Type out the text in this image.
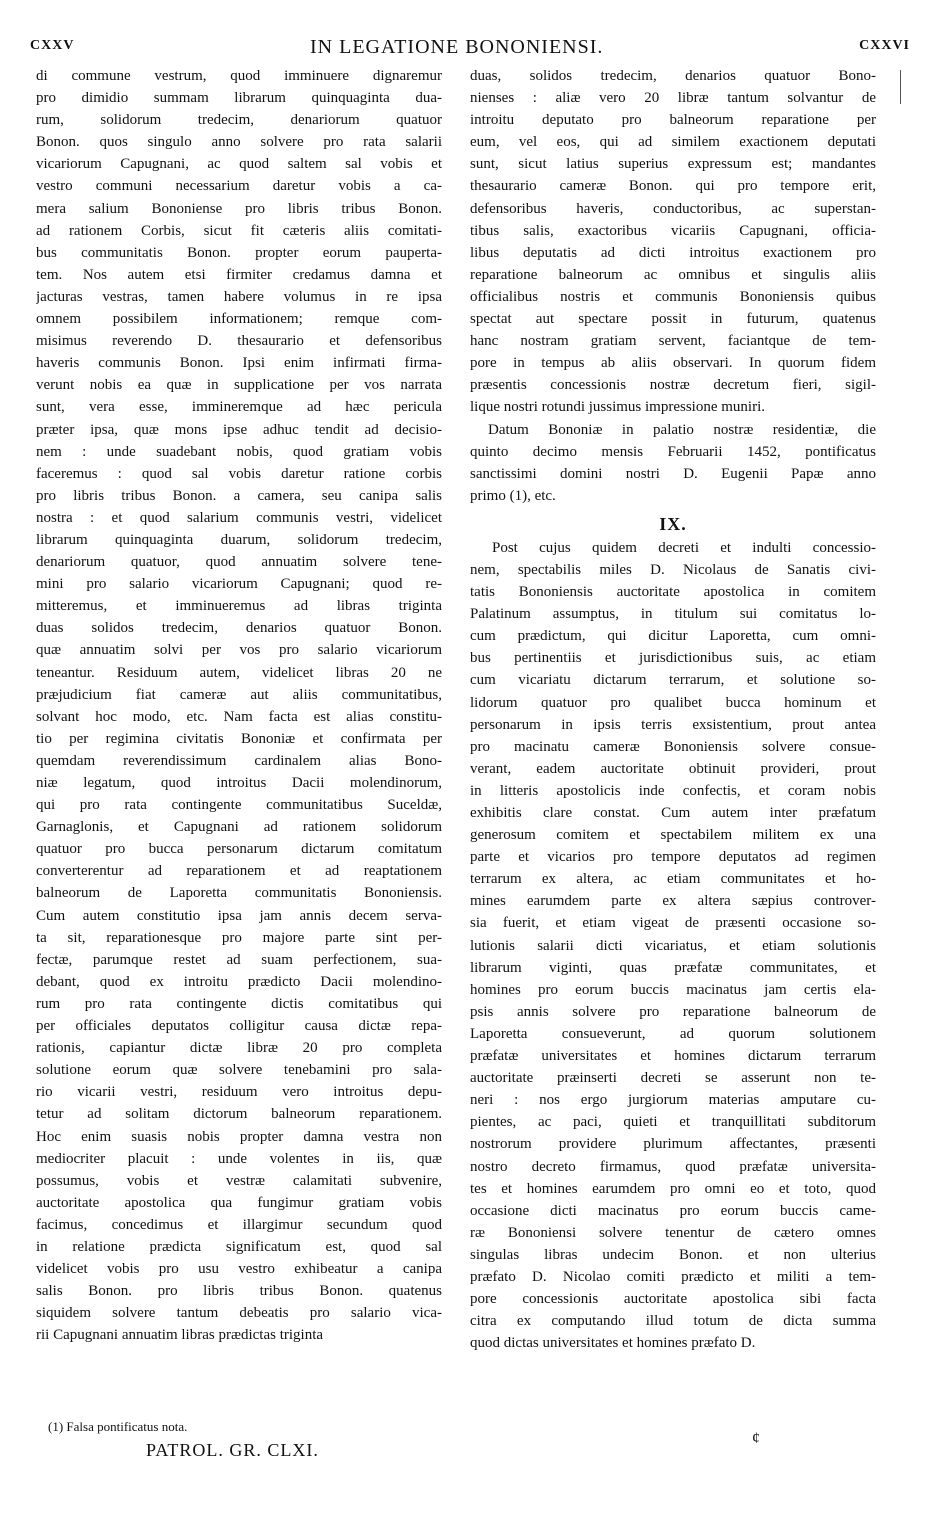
CXXV	IN LEGATIONE BONONIENSI.	CXXVI
di commune vestrum, quod imminuere dignaremur
pro dimidio summam librarum quinquaginta dua-
rum, solidorum tredecim, denariorum quatuor
Bonon. quos singulo anno solvere pro rata salarii
vicariorum Capugnani, ac quod saltem sal vobis et
vestro communi necessarium daretur vobis a ca-
mera salium Bononiense pro libris tribus Bonon.
ad rationem Corbis, sicut fit cæteris aliis comitati-
bus communitatis Bonon. propter eorum pauperta-
tem. Nos autem etsi firmiter credamus damna et
jacturas vestras, tamen habere volumus in re ipsa
omnem possibilem informationem; remque com-
misimus reverendo D. thesaurario et defensoribus
haveris communis Bonon. Ipsi enim infirmati firma-
verunt nobis ea quæ in supplicatione per vos narrata
sunt, vera esse, immineremque ad hæc pericula
præter ipsa, quæ mons ipse adhuc tendit ad decisio-
nem : unde suadebant nobis, quod gratiam vobis
faceremus : quod sal vobis daretur ratione corbis
pro libris tribus Bonon. a camera, seu canipa salis
nostra : et quod salarium communis vestri, videlicet
librarum quinquaginta duarum, solidorum tredecim,
denariorum quatuor, quod annuatim solvere tene-
mini pro salario vicariorum Capugnani; quod re-
mitteremus, et imminueremus ad libras triginta
duas solidos tredecim, denarios quatuor Bonon.
quæ annuatim solvi per vos pro salario vicariorum
teneantur. Residuum autem, videlicet libras 20 ne
præjudicium fiat cameræ aut aliis communitatibus,
solvant hoc modo, etc. Nam facta est alias constitu-
tio per regimina civitatis Bononiæ et confirmata per
quemdam reverendissimum cardinalem alias Bono-
niæ legatum, quod introitus Dacii molendinorum,
qui pro rata contingente communitatibus Suceldæ,
Garnaglonis, et Capugnani ad rationem solidorum
quatuor pro bucca personarum dictarum comitatum
converterentur ad reparationem et ad reaptationem
balneorum de Laporetta communitatis Bononiensis.
Cum autem constitutio ipsa jam annis decem serva-
ta sit, reparationesque pro majore parte sint per-
fectæ, parumque restet ad suam perfectionem, sua-
debant, quod ex introitu prædicto Dacii molendino-
rum pro rata contingente dictis comitatibus qui
per officiales deputatos colligitur causa dictæ repa-
rationis, capiantur dictæ libræ 20 pro completa
solutione eorum quæ solvere tenebamini pro sala-
rio vicarii vestri, residuum vero introitus depu-
tetur ad solitam dictorum balneorum reparationem.
Hoc enim suasis nobis propter damna vestra non
mediocriter placuit : unde volentes in iis, quæ
possumus, vobis et vestræ calamitati subvenire,
auctoritate apostolica qua fungimur gratiam vobis
facimus, concedimus et illargimur secundum quod
in relatione prædicta significatum est, quod sal
videlicet vobis pro usu vestro exhibeatur a canipa
salis Bonon. pro libris tribus Bonon. quatenus
siquidem solvere tantum debeatis pro salario vica-
rii Capugnani annuatim libras prædictas triginta
duas, solidos tredecim, denarios quatuor Bono-
nienses : aliæ vero 20 libræ tantum solvantur de
introitu deputato pro balneorum reparatione per
eum, vel eos, qui ad similem exactionem deputati
sunt, sicut latius superius expressum est; mandantes
thesaurario cameræ Bonon. qui pro tempore erit,
defensoribus haveris, conductoribus, ac superstan-
tibus salis, exactoribus vicariis Capugnani, officia-
libus deputatis ad dicti introitus exactionem pro
reparatione balneorum ac omnibus et singulis aliis
officialibus nostris et communis Bononiensis quibus
spectat aut spectare possit in futurum, quatenus
hanc nostram gratiam servent, faciantque de tem-
pore in tempus ab aliis observari. In quorum fidem
præsentis concessionis nostræ decretum fieri, sigil-
lique nostri rotundi jussimus impressione muniri.
Datum Bononiæ in palatio nostræ residentiæ, die
quinto decimo mensis Februarii 1452, pontificatus
sanctissimi domini nostri D. Eugenii Papæ anno
primo (1), etc.
IX.
Post cujus quidem decreti et indulti concessio-
nem, spectabilis miles D. Nicolaus de Sanatis civi-
tatis Bononiensis auctoritate apostolica in comitem
Palatinum assumptus, in titulum sui comitatus lo-
cum prædictum, qui dicitur Laporetta, cum omni-
bus pertinentiis et jurisdictionibus suis, ac etiam
cum vicariatu dictarum terrarum, et solutione so-
lidorum quatuor pro qualibet bucca hominum et
personarum in ipsis terris exsistentium, prout antea
pro macinatu cameræ Bononiensis solvere consue-
verant, eadem auctoritate obtinuit provideri, prout
in litteris apostolicis inde confectis, et coram nobis
exhibitis clare constat. Cum autem inter præfatum
generosum comitem et spectabilem militem ex una
parte et vicarios pro tempore deputatos ad regimen
terrarum ex altera, ac etiam communitates et ho-
mines earumdem parte ex altera sæpius controver-
sia fuerit, et etiam vigeat de præsenti occasione so-
lutionis salarii dicti vicariatus, et etiam solutionis
librarum viginti, quas præfatæ communitates, et
homines pro eorum buccis macinatus jam certis ela-
psis annis solvere pro reparatione balneorum de
Laporetta consueverunt, ad quorum solutionem
præfatæ universitates et homines dictarum terrarum
auctoritate præinserti decreti se asserunt non te-
neri : nos ergo jurgiorum materias amputare cu-
pientes, ac paci, quieti et tranquillitati subditorum
nostrorum providere plurimum affectantes, præsenti
nostro decreto firmamus, quod præfatæ universita-
tes et homines earumdem pro omni eo et toto, quod
occasione dicti macinatus pro eorum buccis came-
ræ Bononiensi solvere tenentur de cætero omnes
singulas libras undecim Bonon. et non ulterius
præfato D. Nicolao comiti prædicto et militi a tem-
pore concessionis auctoritate apostolica sibi facta
citra ex computando illud totum de dicta summa
quod dictas universitates et homines præfato D.
(1) Falsa pontificatus nota.
PATROL. GR. CLXI.
¢
